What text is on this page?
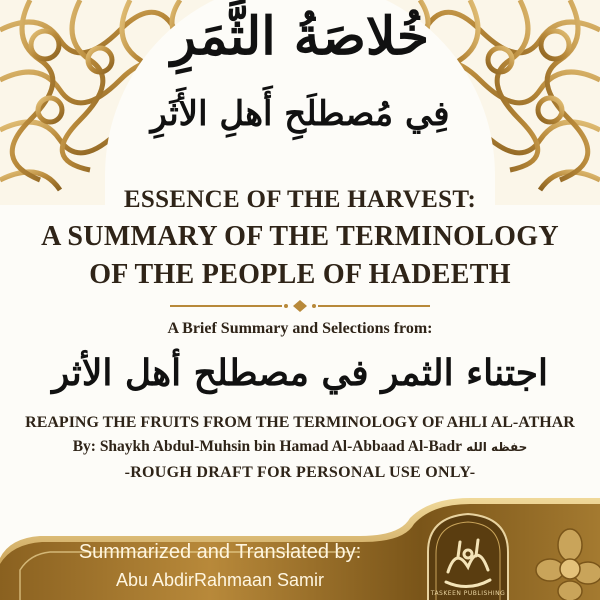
خُلاصَةُ الثَّمَرِ
فِي مُصطلَحِ أَهلِ الأَثَرِ
ESSENCE OF THE HARVEST:
A SUMMARY OF THE TERMINOLOGY
OF THE PEOPLE OF HADEETH
A Brief Summary and Selections from:
اجتناء الثمر في مصطلح أهل الأثر
REAPING THE FRUITS FROM THE TERMINOLOGY OF AHLI AL-ATHAR
By: Shaykh Abdul-Muhsin bin Hamad Al-Abbaad Al-Badr حفظه الله
-ROUGH DRAFT FOR PERSONAL USE ONLY-
Summarized and Translated by:
Abu AbdirRahmaan Samir
TASKEEN PUBLISHING
